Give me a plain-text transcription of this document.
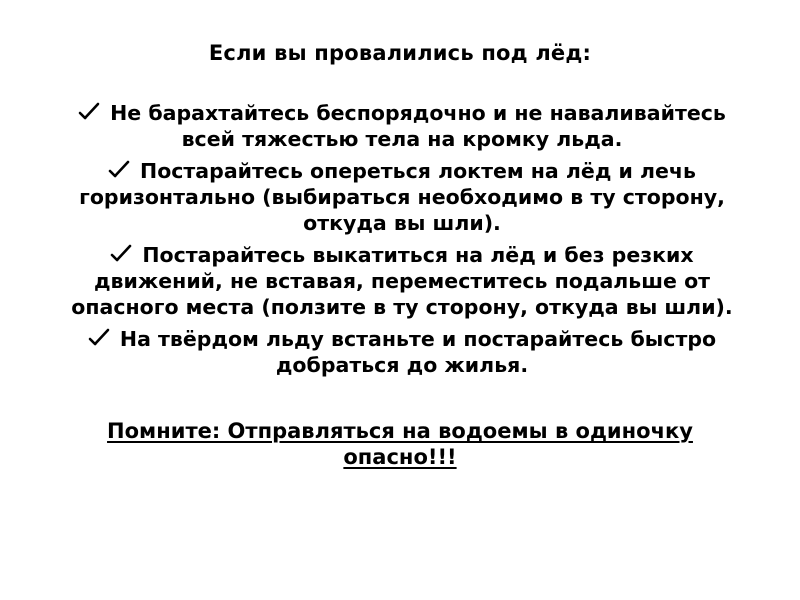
Если вы провалились под лёд:
Не барахтайтесь беспорядочно и не наваливайтесь всей тяжестью тела на кромку льда.
Постарайтесь опереться локтем на лёд и лечь горизонтально (выбираться необходимо в ту сторону, откуда вы шли).
Постарайтесь выкатиться на лёд и без резких движений, не вставая, переместитесь подальше от опасного места (ползите в ту сторону, откуда вы шли).
На твёрдом льду встаньте и постарайтесь быстро добраться до жилья.
Помните: Отправляться на водоемы в одиночку опасно!!!
